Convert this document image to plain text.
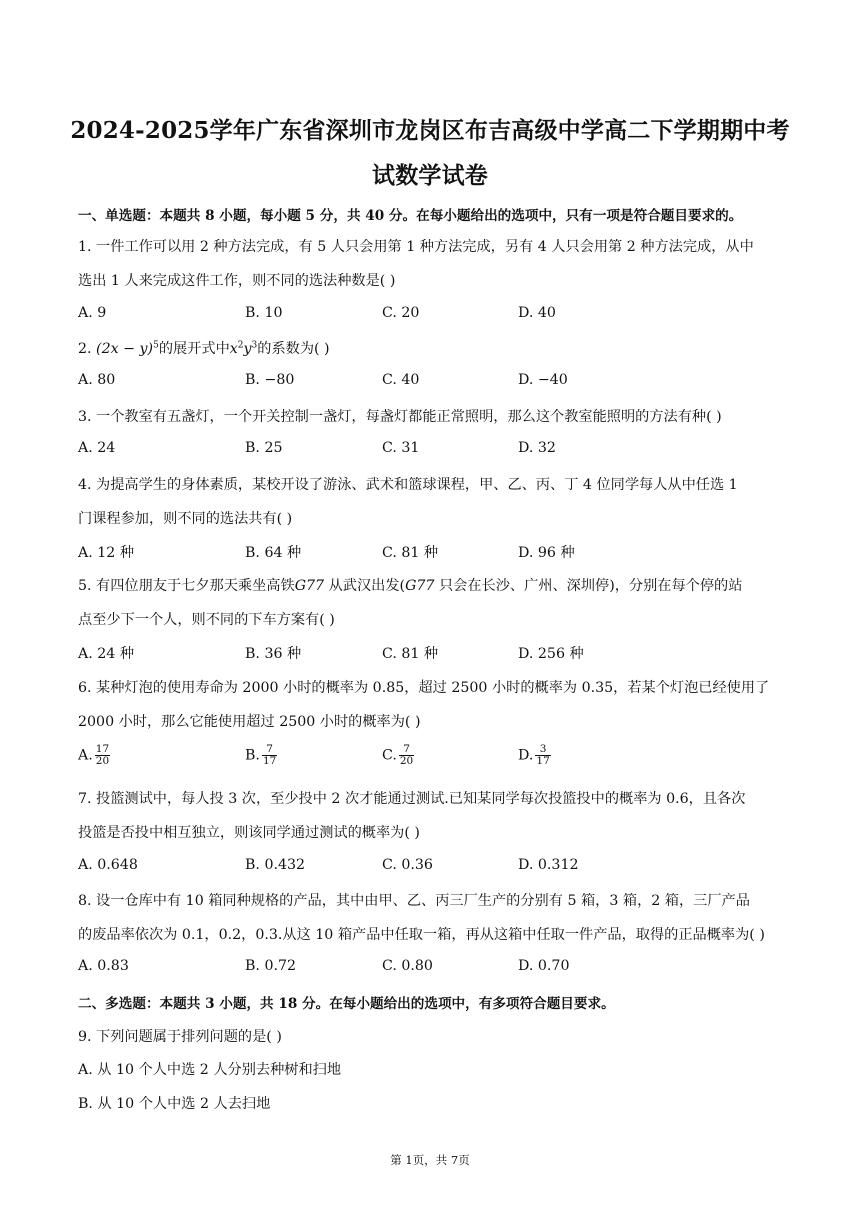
2024-2025学年广东省深圳市龙岗区布吉高级中学高二下学期期中考
试数学试卷
一、单选题：本题共 8 小题，每小题 5 分，共 40 分。在每小题给出的选项中，只有一项是符合题目要求的。
1. 一件工作可以用 2 种方法完成，有 5 人只会用第 1 种方法完成，另有 4 人只会用第 2 种方法完成，从中
选出 1 人来完成这件工作，则不同的选法种数是( )
A. 9	B. 10	C. 20	D. 40
2. $(2x - y)^5$的展开式中$x^2y^3$的系数为( )
A. 80	B. −80	C. 40	D. −40
3. 一个教室有五盏灯，一个开关控制一盏灯，每盏灯都能正常照明，那么这个教室能照明的方法有种( )
A. 24	B. 25	C. 31	D. 32
4. 为提高学生的身体素质，某校开设了游泳、武术和篮球课程，甲、乙、丙、丁 4 位同学每人从中任选 1
门课程参加，则不同的选法共有( )
A. 12 种	B. 64 种	C. 81 种	D. 96 种
5. 有四位朋友于七夕那天乘坐高铁G77 从武汉出发(G77 只会在长沙、广州、深圳停)，分别在每个停的站
点至少下一个人，则不同的下车方案有( )
A. 24 种	B. 36 种	C. 81 种	D. 256 种
6. 某种灯泡的使用寿命为 2000 小时的概率为 0.85，超过 2500 小时的概率为 0.35，若某个灯泡已经使用了
2000 小时，那么它能使用超过 2500 小时的概率为( )
A. $\frac{17}{20}$	B. $\frac{7}{17}$	C. $\frac{7}{20}$	D. $\frac{3}{17}$
7. 投篮测试中，每人投 3 次，至少投中 2 次才能通过测试.已知某同学每次投篮投中的概率为 0.6，且各次
投篮是否投中相互独立，则该同学通过测试的概率为( )
A. 0.648	B. 0.432	C. 0.36	D. 0.312
8. 设一仓库中有 10 箱同种规格的产品，其中由甲、乙、丙三厂生产的分别有 5 箱，3 箱，2 箱，三厂产品
的废品率依次为 0.1，0.2，0.3.从这 10 箱产品中任取一箱，再从这箱中任取一件产品，取得的正品概率为( )
A. 0.83	B. 0.72	C. 0.80	D. 0.70
二、多选题：本题共 3 小题，共 18 分。在每小题给出的选项中，有多项符合题目要求。
9. 下列问题属于排列问题的是( )
A. 从 10 个人中选 2 人分别去种树和扫地
B. 从 10 个人中选 2 人去扫地
第 1页，共 7页
